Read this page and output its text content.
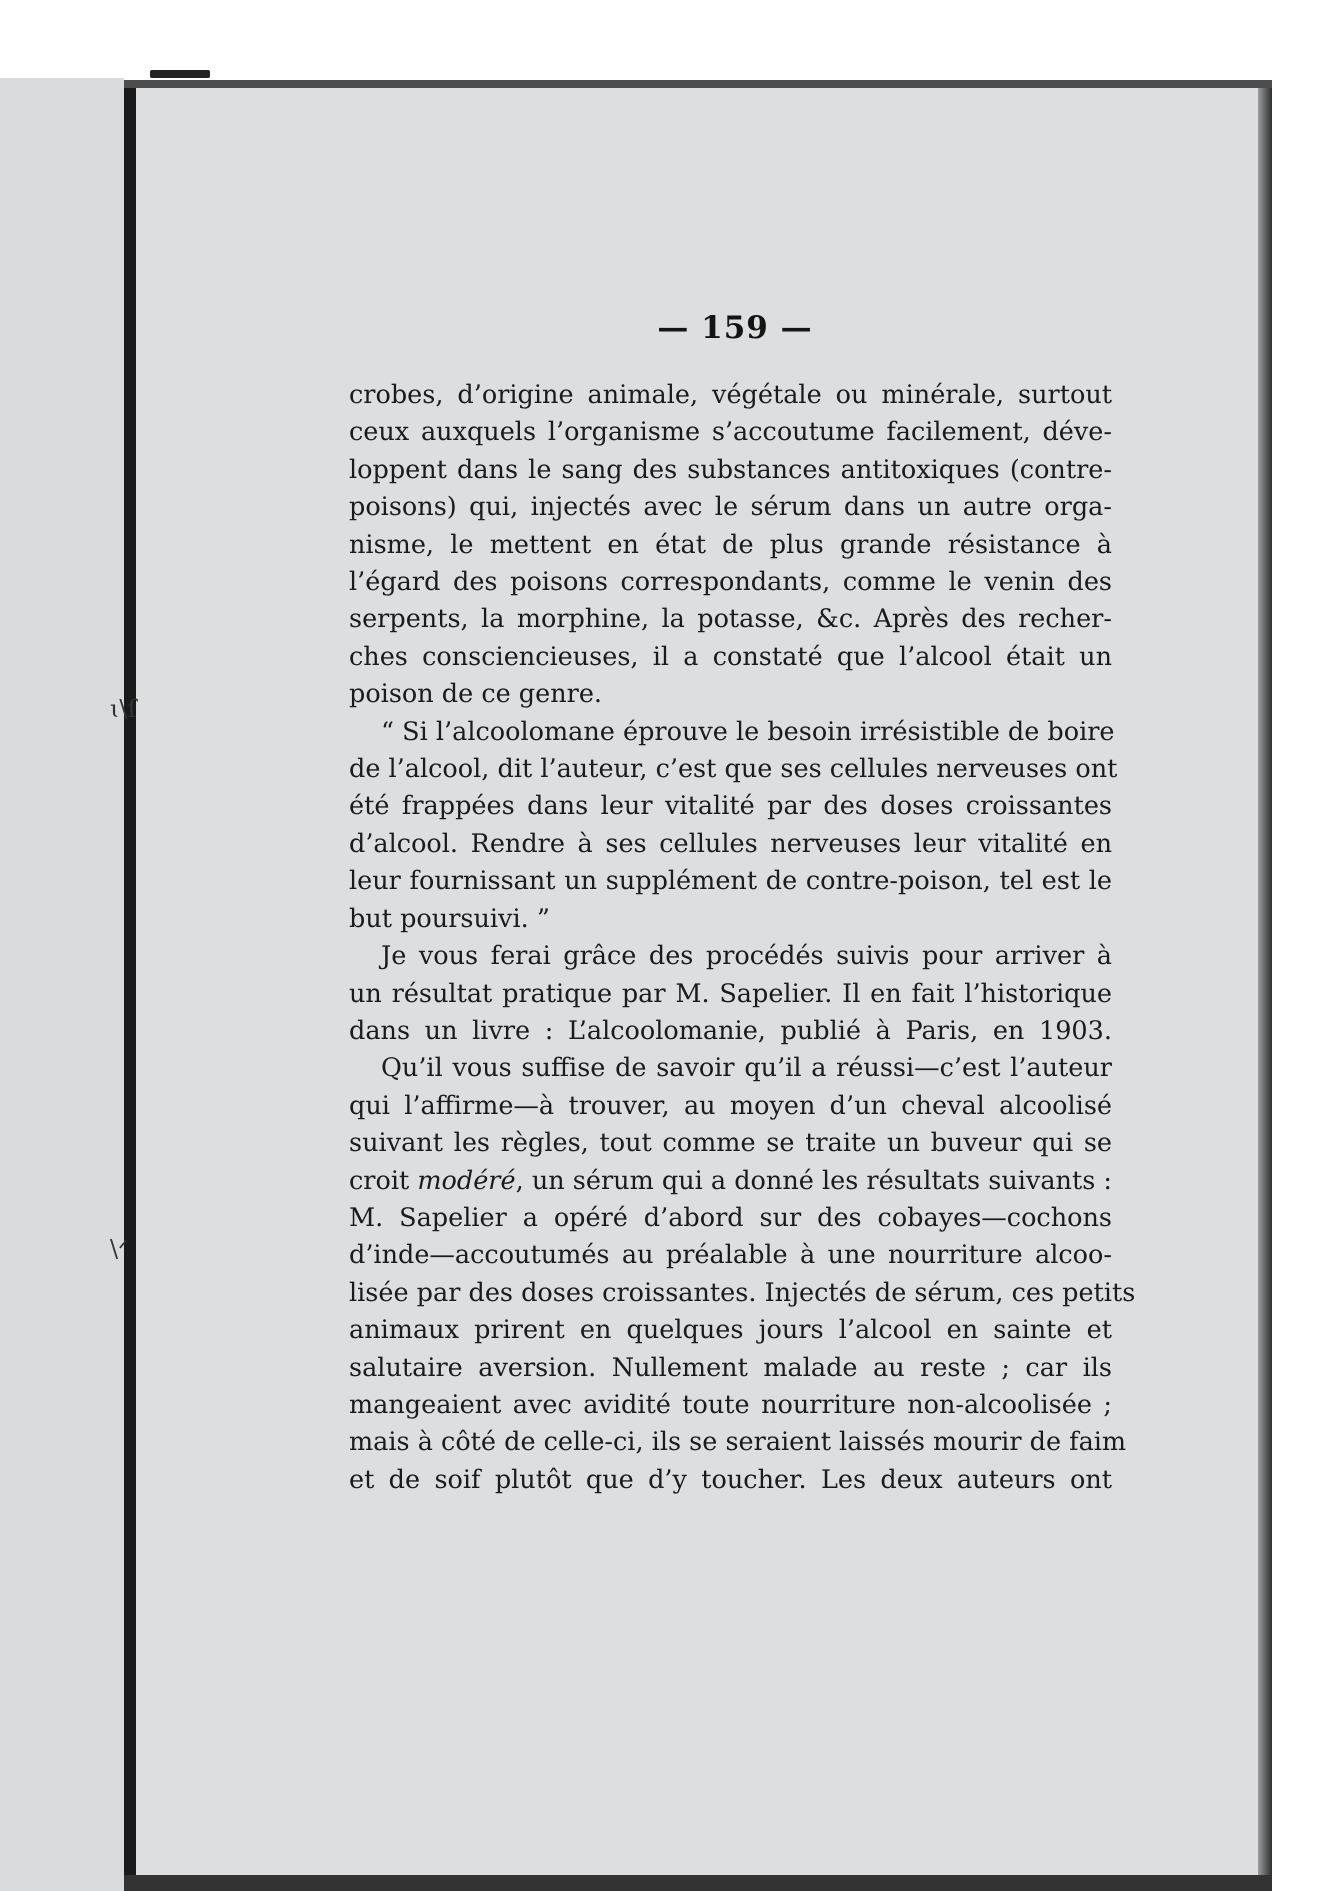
ɩ\ſ
\ᐟ
— 159 —
crobes, d’origine animale, végétale ou minérale, surtout
ceux auxquels l’organisme s’accoutume facilement, déve-
loppent dans le sang des substances antitoxiques (contre-
poisons) qui, injectés avec le sérum dans un autre orga-
nisme, le mettent en état de plus grande résistance à
l’égard des poisons correspondants, comme le venin des
serpents, la morphine, la potasse, &c. Après des recher-
ches consciencieuses, il a constaté que l’alcool était un
poison de ce genre.
“ Si l’alcoolomane éprouve le besoin irrésistible de boire
de l’alcool, dit l’auteur, c’est que ses cellules nerveuses ont
été frappées dans leur vitalité par des doses croissantes
d’alcool. Rendre à ses cellules nerveuses leur vitalité en
leur fournissant un supplément de contre-poison, tel est le
but poursuivi. ”
Je vous ferai grâce des procédés suivis pour arriver à
un résultat pratique par M. Sapelier. Il en fait l’historique
dans un livre : L’alcoolomanie, publié à Paris, en 1903.
Qu’il vous suffise de savoir qu’il a réussi—c’est l’auteur
qui l’affirme—à trouver, au moyen d’un cheval alcoolisé
suivant les règles, tout comme se traite un buveur qui se
croit modéré, un sérum qui a donné les résultats suivants :
M. Sapelier a opéré d’abord sur des cobayes—cochons
d’inde—accoutumés au préalable à une nourriture alcoo-
lisée par des doses croissantes. Injectés de sérum, ces petits
animaux prirent en quelques jours l’alcool en sainte et
salutaire aversion. Nullement malade au reste ; car ils
mangeaient avec avidité toute nourriture non-alcoolisée ;
mais à côté de celle-ci, ils se seraient laissés mourir de faim
et de soif plutôt que d’y toucher. Les deux auteurs ont
